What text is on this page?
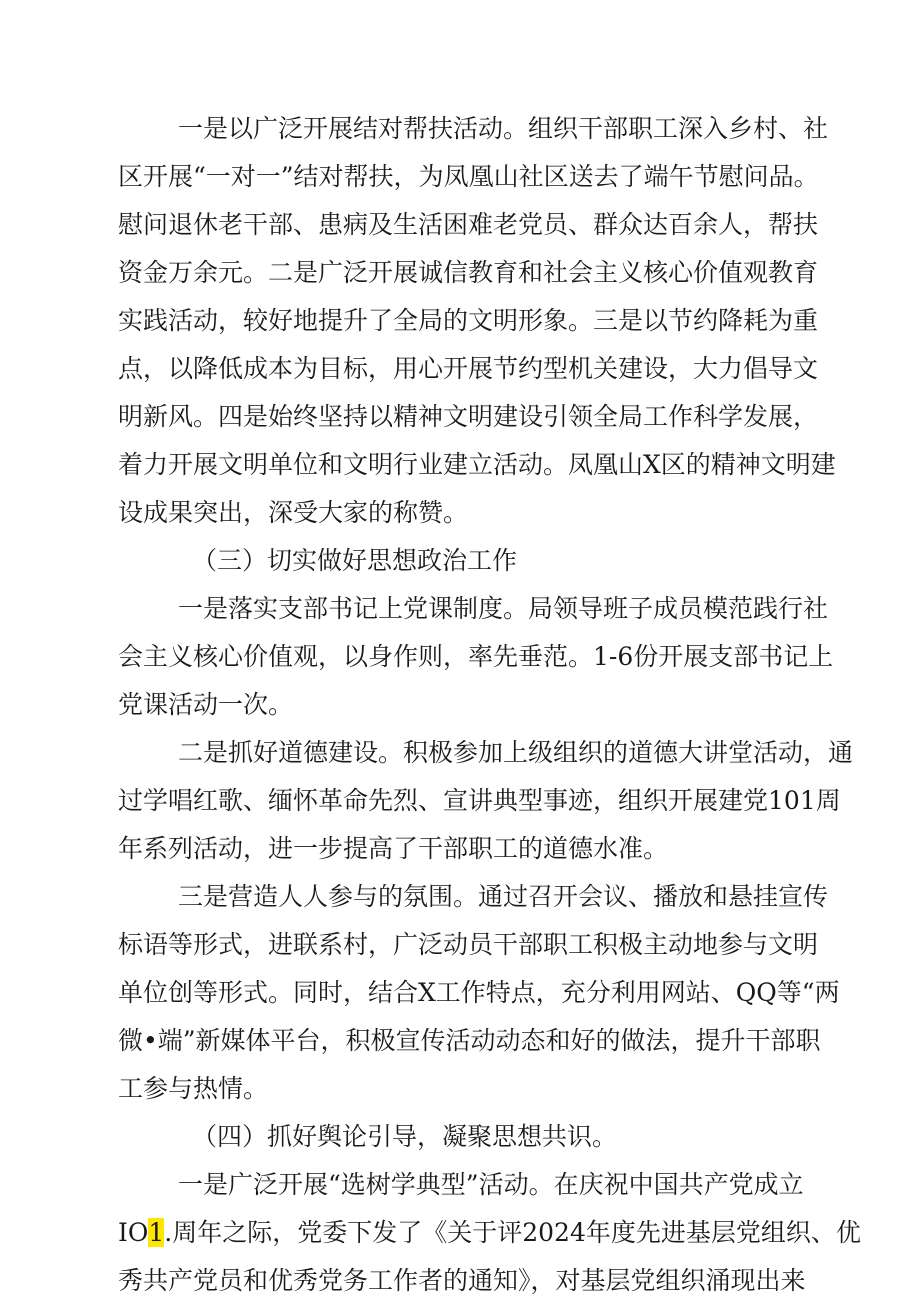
一是以广泛开展结对帮扶活动。组织干部职工深入乡村、社
区开展“一对一”结对帮扶，为凤凰山社区送去了端午节慰问品。
慰问退休老干部、患病及生活困难老党员、群众达百余人，帮扶
资金万余元。二是广泛开展诚信教育和社会主义核心价值观教育
实践活动，较好地提升了全局的文明形象。三是以节约降耗为重
点，以降低成本为目标，用心开展节约型机关建设，大力倡导文
明新风。四是始终坚持以精神文明建设引领全局工作科学发展，
着力开展文明单位和文明行业建立活动。凤凰山X区的精神文明建
设成果突出，深受大家的称赞。
（三）切实做好思想政治工作
一是落实支部书记上党课制度。局领导班子成员模范践行社
会主义核心价值观，以身作则，率先垂范。1-6份开展支部书记上
党课活动一次。
二是抓好道德建设。积极参加上级组织的道德大讲堂活动，通
过学唱红歌、缅怀革命先烈、宣讲典型事迹，组织开展建党101周
年系列活动，进一步提高了干部职工的道德水准。
三是营造人人参与的氛围。通过召开会议、播放和悬挂宣传
标语等形式，进联系村，广泛动员干部职工积极主动地参与文明
单位创等形式。同时，结合X工作特点，充分利用网站、QQ等“两
微•端”新媒体平台，积极宣传活动动态和好的做法，提升干部职
工参与热情。
（四）抓好舆论引导，凝聚思想共识。
一是广泛开展“选树学典型”活动。在庆祝中国共产党成立
IO1.周年之际，党委下发了《关于评2024年度先进基层党组织、优
秀共产党员和优秀党务工作者的通知》，对基层党组织涌现出来
